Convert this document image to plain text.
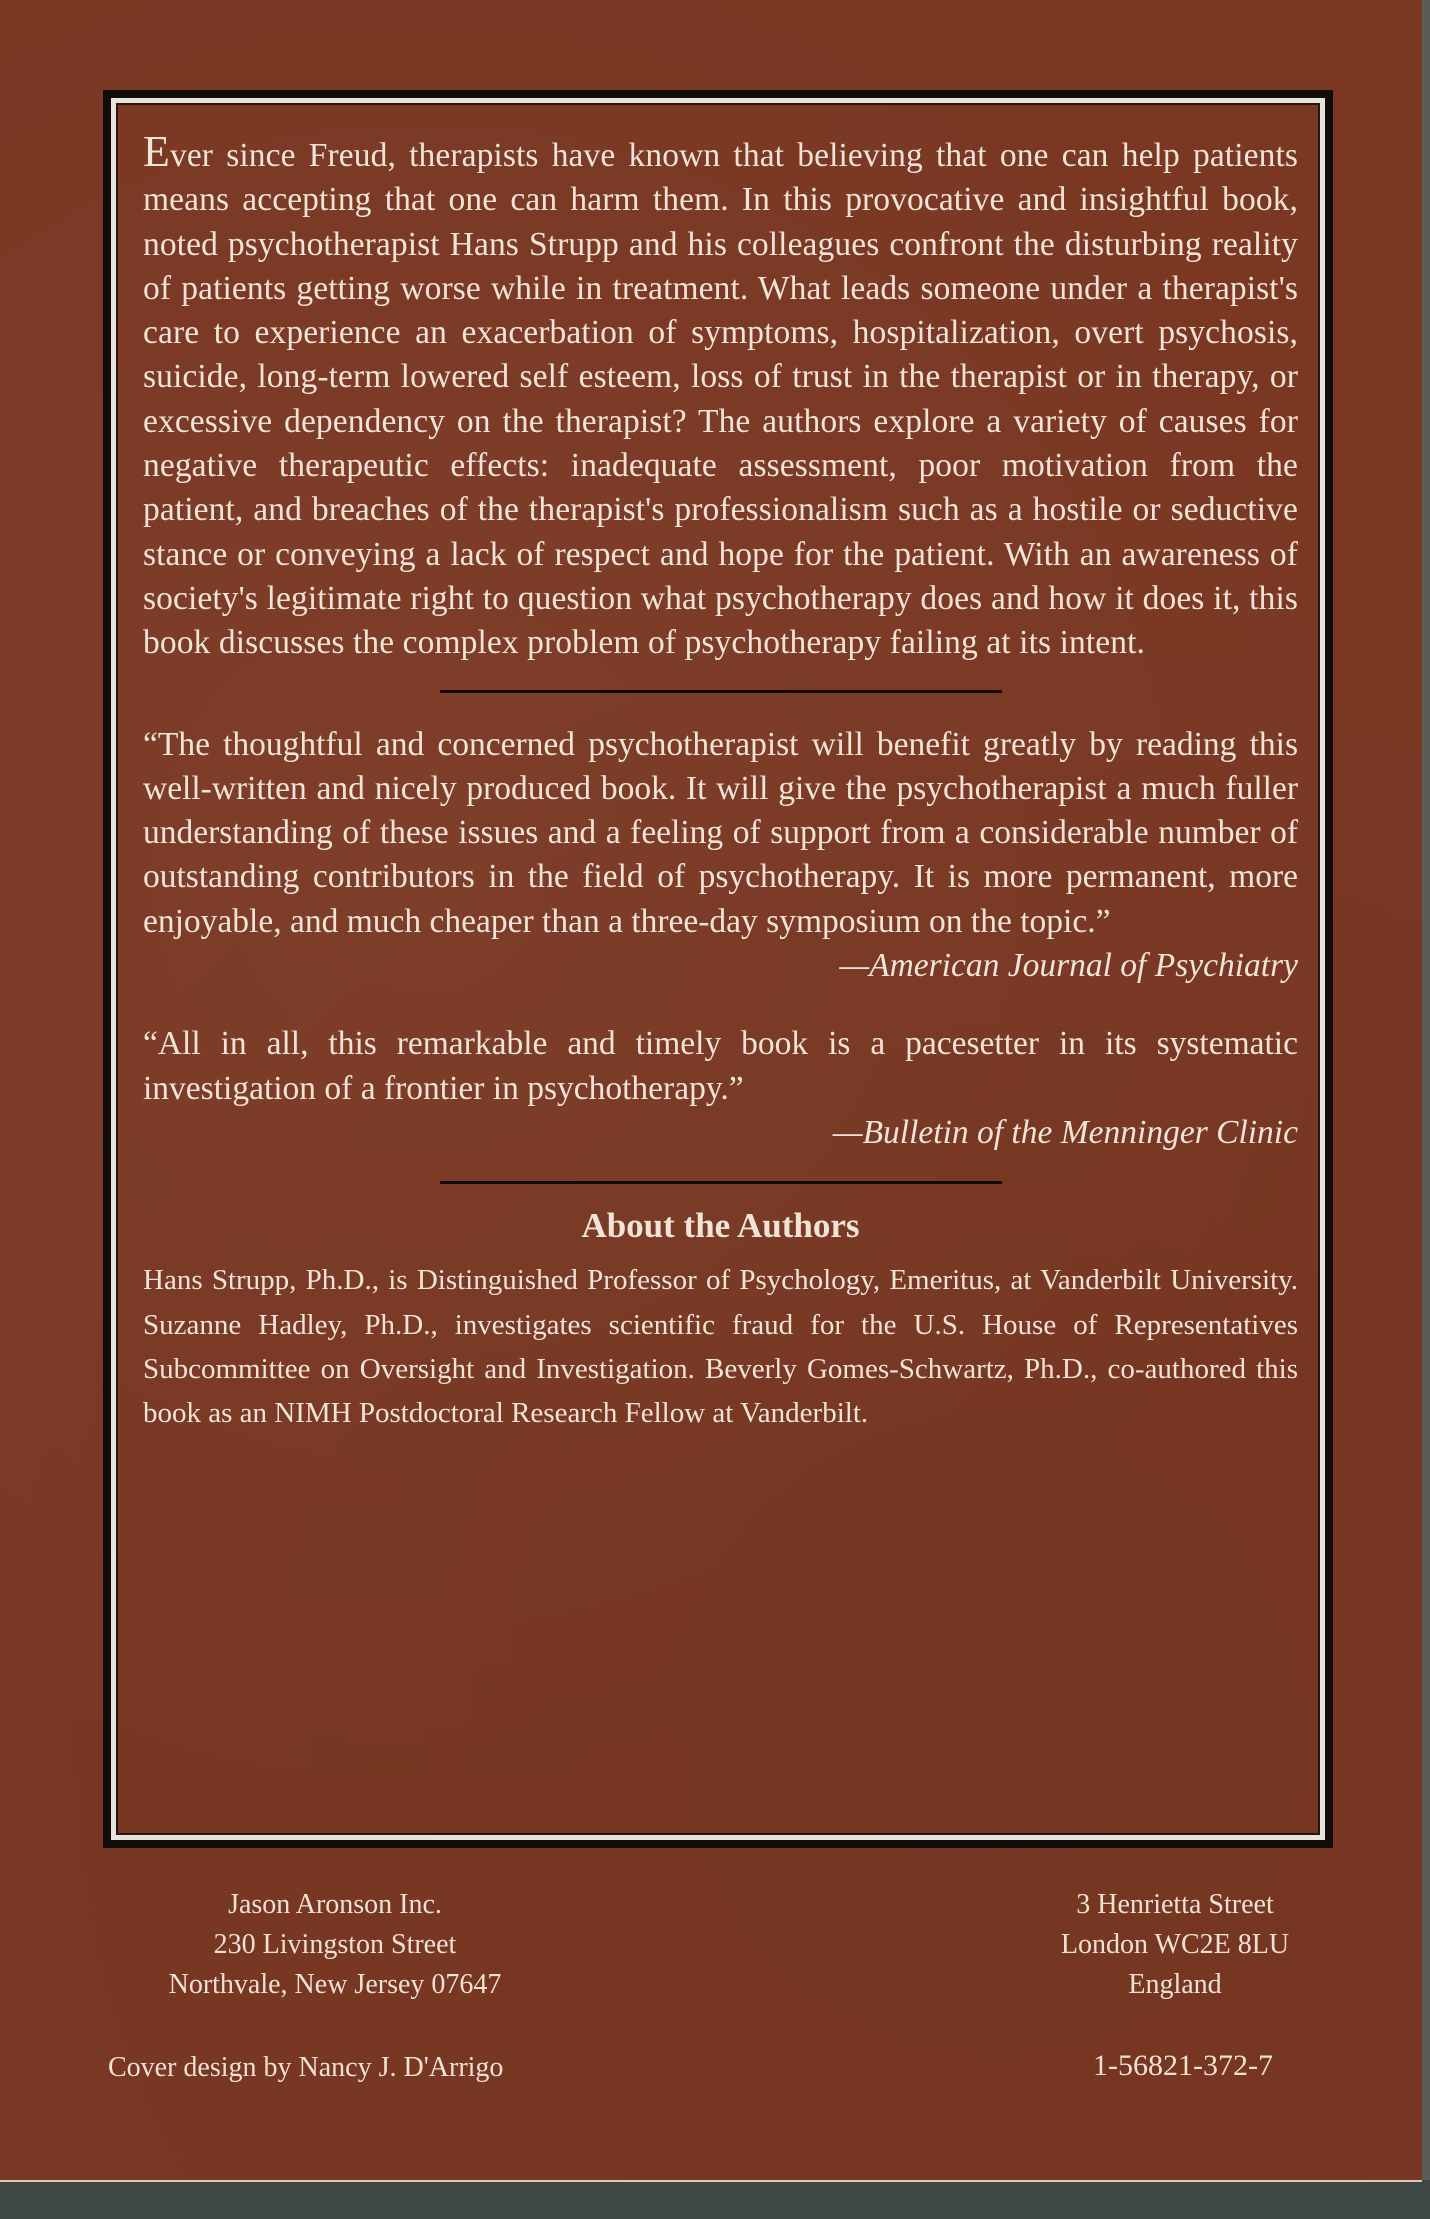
Ever since Freud, therapists have known that believing that one can help patients means accepting that one can harm them. In this provocative and insightful book, noted psychotherapist Hans Strupp and his colleagues confront the disturbing reality of patients getting worse while in treatment. What leads someone under a therapist's care to experience an exacerbation of symptoms, hospitalization, overt psychosis, suicide, long-term lowered self esteem, loss of trust in the therapist or in therapy, or excessive dependency on the therapist? The authors explore a variety of causes for negative therapeutic effects: inadequate assessment, poor motivation from the patient, and breaches of the therapist's professionalism such as a hostile or seductive stance or conveying a lack of respect and hope for the patient. With an awareness of society's legitimate right to question what psychotherapy does and how it does it, this book discusses the complex problem of psychotherapy failing at its intent.

“The thoughtful and concerned psychotherapist will benefit greatly by reading this well-written and nicely produced book. It will give the psychotherapist a much fuller understanding of these issues and a feeling of support from a considerable number of outstanding contributors in the field of psychotherapy. It is more permanent, more enjoyable, and much cheaper than a three-day symposium on the topic.”

—American Journal of Psychiatry

“All in all, this remarkable and timely book is a pacesetter in its systematic investigation of a frontier in psychotherapy.”

—Bulletin of the Menninger Clinic

About the Authors

Hans Strupp, Ph.D., is Distinguished Professor of Psychology, Emeritus, at Vanderbilt University. Suzanne Hadley, Ph.D., investigates scientific fraud for the U.S. House of Representatives Subcommittee on Oversight and Investigation. Beverly Gomes-Schwartz, Ph.D., co-authored this book as an NIMH Postdoctoral Research Fellow at Vanderbilt.

Jason Aronson Inc.
230 Livingston Street
Northvale, New Jersey 07647
3 Henrietta Street
London WC2E 8LU
England
Cover design by Nancy J. D'Arrigo	1-56821-372-7
